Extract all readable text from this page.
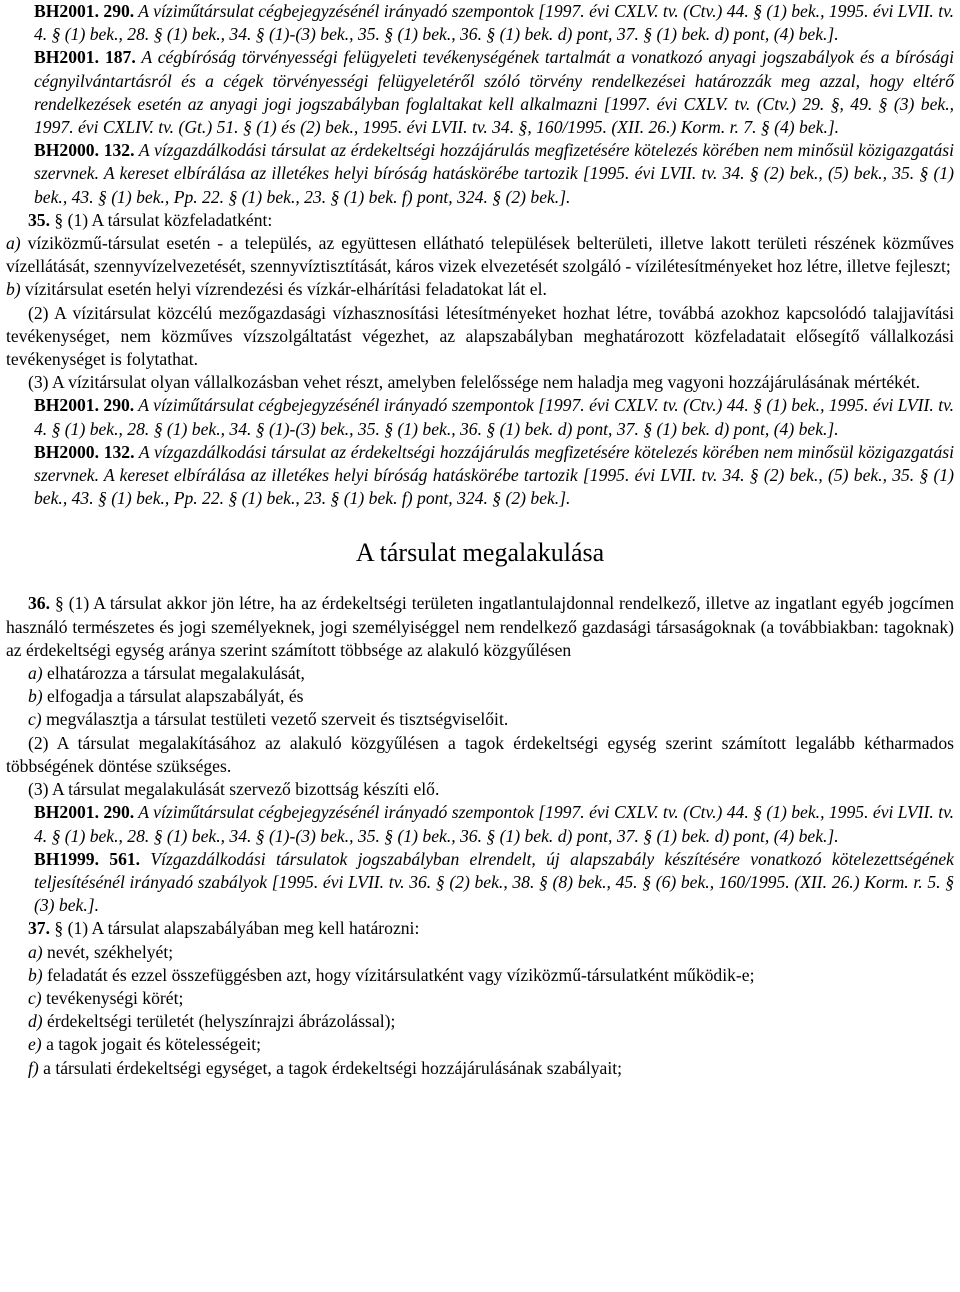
BH2001. 290. A víziműtársulat cégbejegyzésénél irányadó szempontok [1997. évi CXLV. tv. (Ctv.) 44. § (1) bek., 1995. évi LVII. tv. 4. § (1) bek., 28. § (1) bek., 34. § (1)-(3) bek., 35. § (1) bek., 36. § (1) bek. d) pont, 37. § (1) bek. d) pont, (4) bek.].

BH2001. 187. A cégbíróság törvényességi felügyeleti tevékenységének tartalmát a vonatkozó anyagi jogszabályok és a bírósági cégnyilvántartásról és a cégek törvényességi felügyeletéről szóló törvény rendelkezései határozzák meg azzal, hogy eltérő rendelkezések esetén az anyagi jogi jogszabályban foglaltakat kell alkalmazni [1997. évi CXLV. tv. (Ctv.) 29. §, 49. § (3) bek., 1997. évi CXLIV. tv. (Gt.) 51. § (1) és (2) bek., 1995. évi LVII. tv. 34. §, 160/1995. (XII. 26.) Korm. r. 7. § (4) bek.].

BH2000. 132. A vízgazdálkodási társulat az érdekeltségi hozzájárulás megfizetésére kötelezés körében nem minősül közigazgatási szervnek. A kereset elbírálása az illetékes helyi bíróság hatáskörébe tartozik [1995. évi LVII. tv. 34. § (2) bek., (5) bek., 35. § (1) bek., 43. § (1) bek., Pp. 22. § (1) bek., 23. § (1) bek. f) pont, 324. § (2) bek.].

35. § (1) A társulat közfeladatként:

a) víziközmű-társulat esetén - a település, az együttesen ellátható települések belterületi, illetve lakott területi részének közműves vízellátását, szennyvízelvezetését, szennyvíztisztítását, káros vizek elvezetését szolgáló - vízilétesítményeket hoz létre, illetve fejleszt;

b) vízitársulat esetén helyi vízrendezési és vízkár-elhárítási feladatokat lát el.

(2) A vízitársulat közcélú mezőgazdasági vízhasznosítási létesítményeket hozhat létre, továbbá azokhoz kapcsolódó talajjavítási tevékenységet, nem közműves vízszolgáltatást végezhet, az alapszabályban meghatározott közfeladatait elősegítő vállalkozási tevékenységet is folytathat.

(3) A vízitársulat olyan vállalkozásban vehet részt, amelyben felelőssége nem haladja meg vagyoni hozzájárulásának mértékét.

BH2001. 290. A víziműtársulat cégbejegyzésénél irányadó szempontok [1997. évi CXLV. tv. (Ctv.) 44. § (1) bek., 1995. évi LVII. tv. 4. § (1) bek., 28. § (1) bek., 34. § (1)-(3) bek., 35. § (1) bek., 36. § (1) bek. d) pont, 37. § (1) bek. d) pont, (4) bek.].

BH2000. 132. A vízgazdálkodási társulat az érdekeltségi hozzájárulás megfizetésére kötelezés körében nem minősül közigazgatási szervnek. A kereset elbírálása az illetékes helyi bíróság hatáskörébe tartozik [1995. évi LVII. tv. 34. § (2) bek., (5) bek., 35. § (1) bek., 43. § (1) bek., Pp. 22. § (1) bek., 23. § (1) bek. f) pont, 324. § (2) bek.].

A társulat megalakulása

36. § (1) A társulat akkor jön létre, ha az érdekeltségi területen ingatlantulajdonnal rendelkező, illetve az ingatlant egyéb jogcímen használó természetes és jogi személyeknek, jogi személyiséggel nem rendelkező gazdasági társaságoknak (a továbbiakban: tagoknak) az érdekeltségi egység aránya szerint számított többsége az alakuló közgyűlésen

a) elhatározza a társulat megalakulását,

b) elfogadja a társulat alapszabályát, és

c) megválasztja a társulat testületi vezető szerveit és tisztségviselőit.

(2) A társulat megalakításához az alakuló közgyűlésen a tagok érdekeltségi egység szerint számított legalább kétharmados többségének döntése szükséges.

(3) A társulat megalakulását szervező bizottság készíti elő.

BH2001. 290. A víziműtársulat cégbejegyzésénél irányadó szempontok [1997. évi CXLV. tv. (Ctv.) 44. § (1) bek., 1995. évi LVII. tv. 4. § (1) bek., 28. § (1) bek., 34. § (1)-(3) bek., 35. § (1) bek., 36. § (1) bek. d) pont, 37. § (1) bek. d) pont, (4) bek.].

BH1999. 561. Vízgazdálkodási társulatok jogszabályban elrendelt, új alapszabály készítésére vonatkozó kötelezettségének teljesítésénél irányadó szabályok [1995. évi LVII. tv. 36. § (2) bek., 38. § (8) bek., 45. § (6) bek., 160/1995. (XII. 26.) Korm. r. 5. § (3) bek.].

37. § (1) A társulat alapszabályában meg kell határozni:

a) nevét, székhelyét;

b) feladatát és ezzel összefüggésben azt, hogy vízitársulatként vagy víziközmű-társulatként működik-e;

c) tevékenységi körét;

d) érdekeltségi területét (helyszínrajzi ábrázolással);

e) a tagok jogait és kötelességeit;

f) a társulati érdekeltségi egységet, a tagok érdekeltségi hozzájárulásának szabályait;
